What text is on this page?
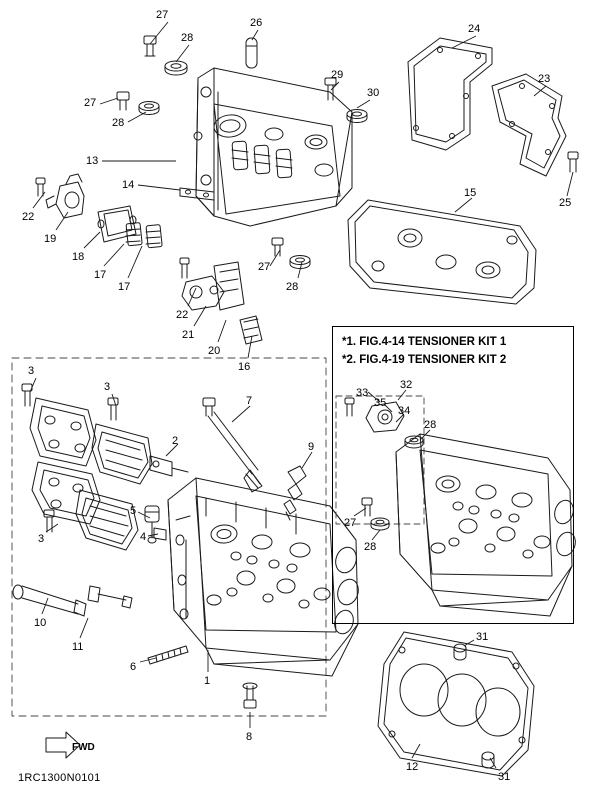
*1. FIG.4-14 TENSIONER KIT 1
*2. FIG.4-19 TENSIONER KIT 2
FWD
1RC1300N0101
27
26	24
28
23
29
30
27
28
13
14
15
25
22
19
18
17
17
27
28
22
21
20
16
3
3
7
33
32
35
34
28
2	9
5
27
4
3
28
10
11
31
6
1
8
12
31
